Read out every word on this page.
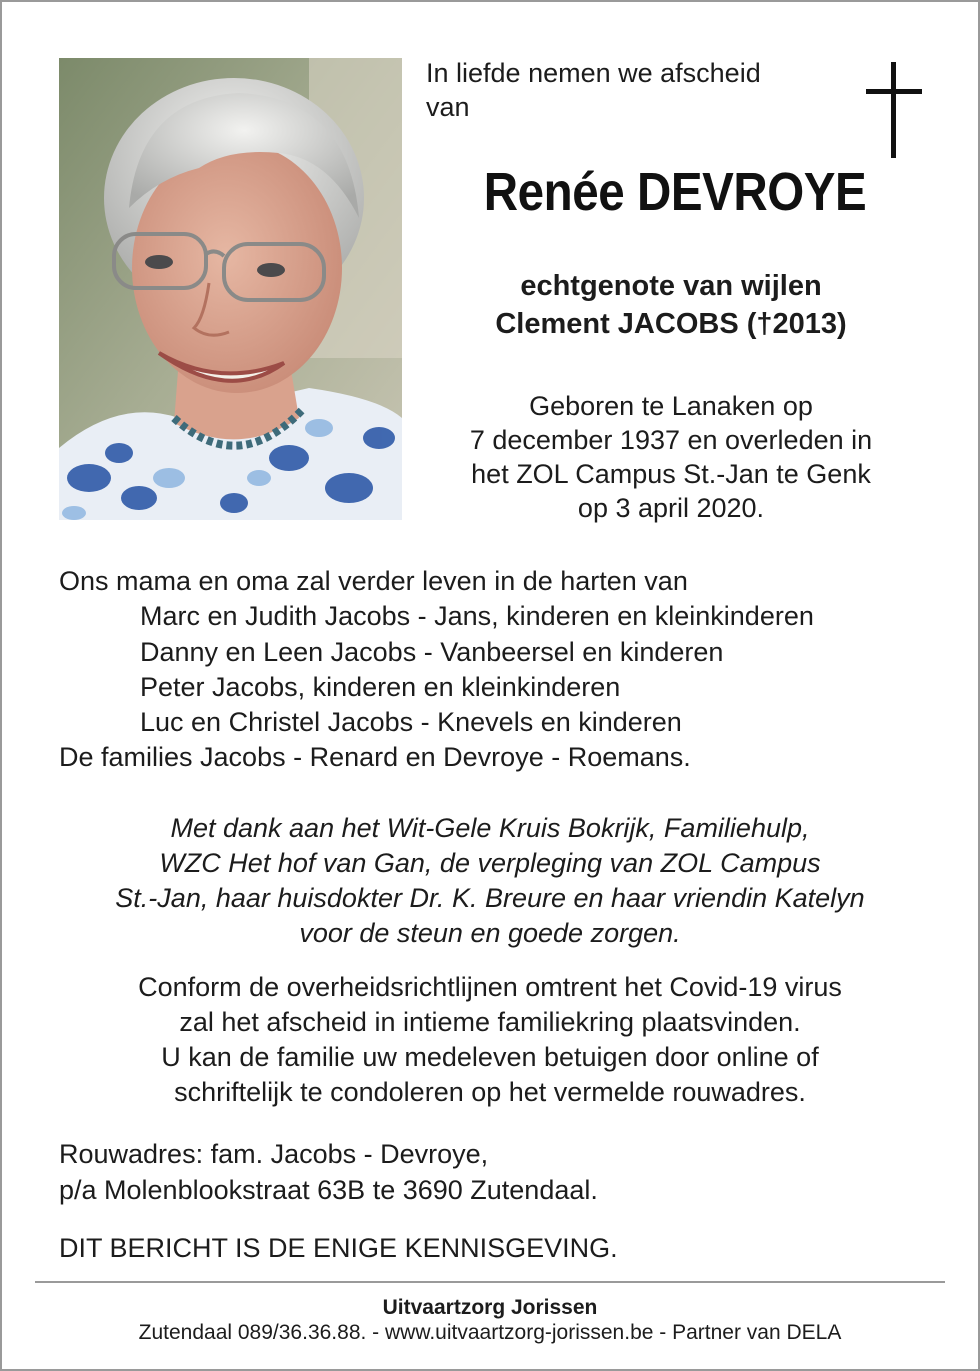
In liefde nemen we afscheid
van
Renée DEVROYE
echtgenote van wijlen
Clement JACOBS (†2013)
Geboren te Lanaken op
7 december 1937 en overleden in
het ZOL Campus St.-Jan te Genk
op 3 april 2020.
Ons mama en oma zal verder leven in de harten van
Marc en Judith Jacobs - Jans, kinderen en kleinkinderen
Danny en Leen Jacobs - Vanbeersel en kinderen
Peter Jacobs, kinderen en kleinkinderen
Luc en Christel Jacobs - Knevels en kinderen
De families Jacobs - Renard en Devroye - Roemans.
Met dank aan het Wit-Gele Kruis Bokrijk, Familiehulp,
WZC Het hof van Gan, de verpleging van ZOL Campus
St.-Jan, haar huisdokter Dr. K. Breure en haar vriendin Katelyn
voor de steun en goede zorgen.
Conform de overheidsrichtlijnen omtrent het Covid-19 virus
zal het afscheid in intieme familiekring plaatsvinden.
U kan de familie uw medeleven betuigen door online of
schriftelijk te condoleren op het vermelde rouwadres.
Rouwadres: fam. Jacobs - Devroye,
p/a Molenblookstraat 63B te 3690 Zutendaal.
DIT BERICHT IS DE ENIGE KENNISGEVING.
Uitvaartzorg Jorissen
Zutendaal 089/36.36.88. - www.uitvaartzorg-jorissen.be - Partner van DELA
